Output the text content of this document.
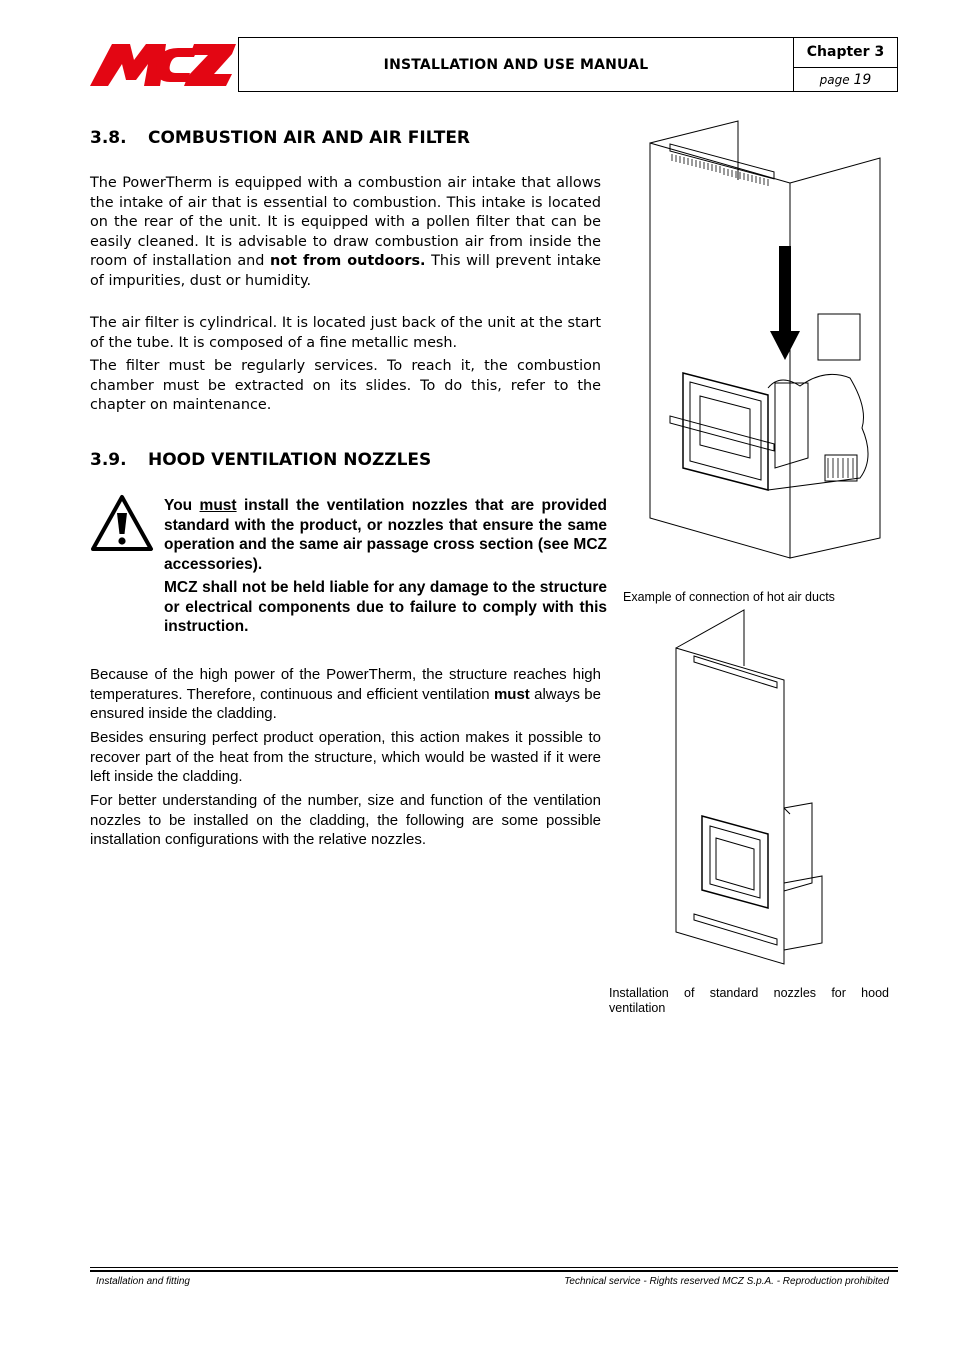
INSTALLATION AND USE MANUAL
Chapter 3
page 19
3.8. COMBUSTION AIR AND AIR FILTER

The PowerTherm is equipped with a combustion air intake that allows the intake of air that is essential to combustion. This intake is located on the rear of the unit. It is equipped with a pollen filter that can be easily cleaned. It is advisable to draw combustion air from inside the room of installation and not from outdoors. This will prevent intake of impurities, dust or humidity.

The air filter is cylindrical. It is located just back of the unit at the start of the tube. It is composed of a fine metallic mesh.

The filter must be regularly services. To reach it, the combustion chamber must be extracted on its slides. To do this, refer to the chapter on maintenance.

3.9. HOOD VENTILATION NOZZLES

You must install the ventilation nozzles that are provided standard with the product, or nozzles that ensure the same operation and the same air passage cross section (see MCZ accessories).

MCZ shall not be held liable for any damage to the structure or electrical components due to failure to comply with this instruction.

Because of the high power of the PowerTherm, the structure reaches high temperatures. Therefore, continuous and efficient ventilation must always be ensured inside the cladding.

Besides ensuring perfect product operation, this action makes it possible to recover part of the heat from the structure, which would be wasted if it were left inside the cladding.

For better understanding of the number, size and function of the ventilation nozzles to be installed on the cladding, the following are some possible installation configurations with the relative nozzles.

Example of connection of hot air ducts
Installation of standard nozzles for hood ventilation
Installation and fitting	Technical service - Rights reserved MCZ S.p.A. - Reproduction prohibited
